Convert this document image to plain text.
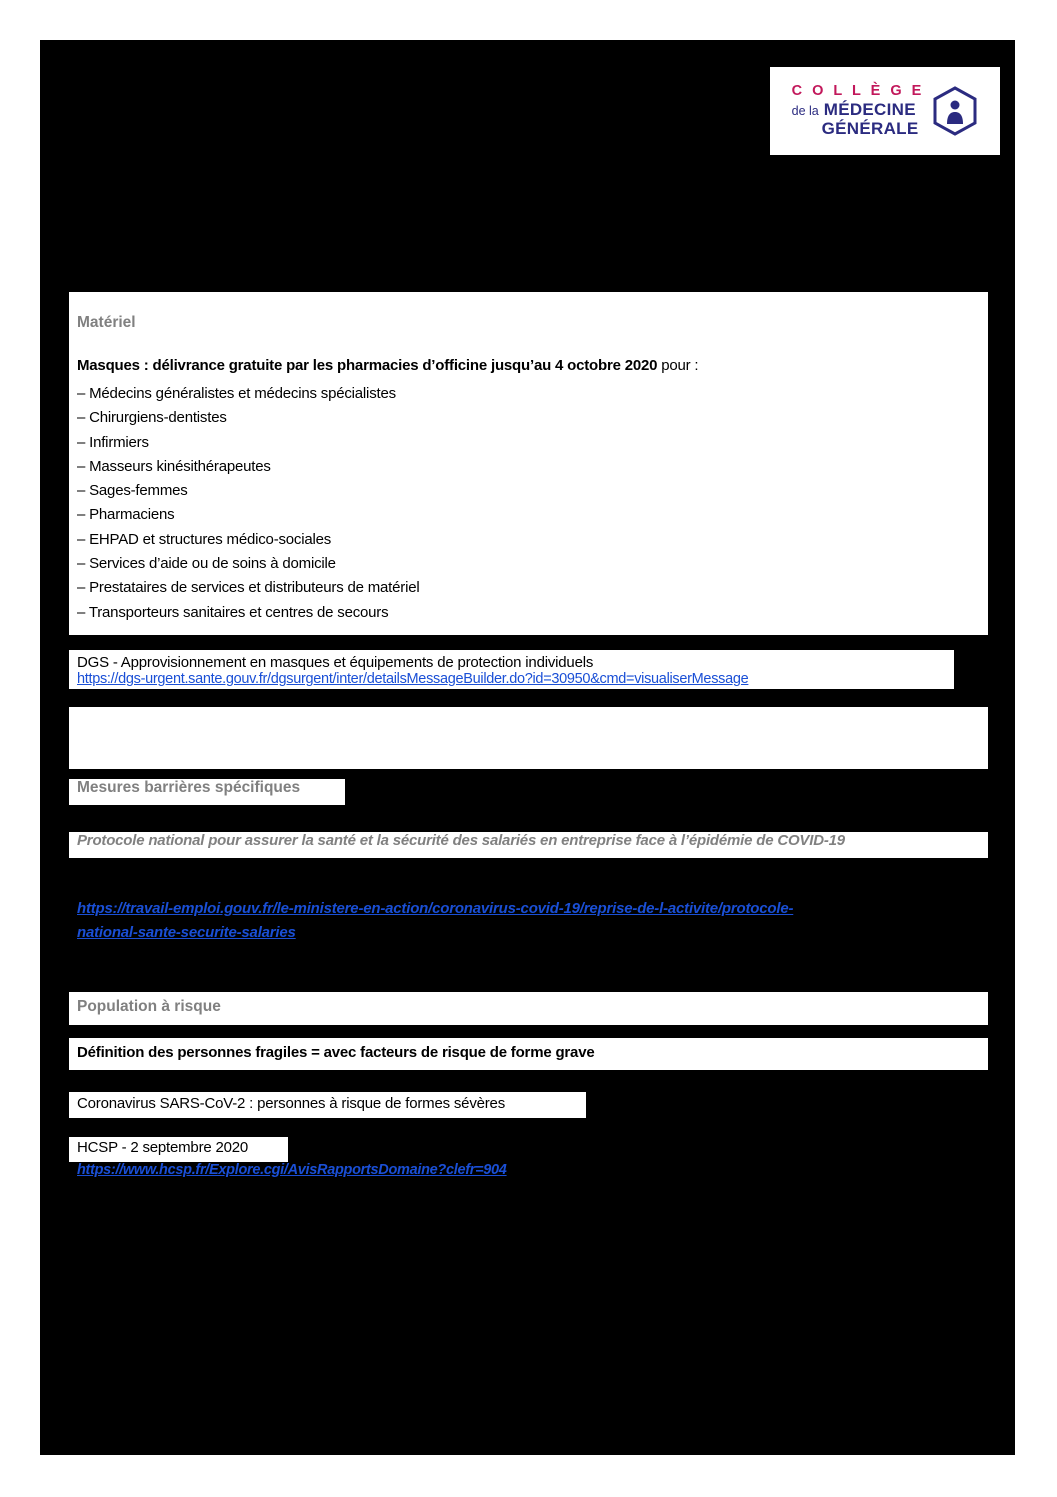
C O L L È G E
de la MÉDECINE
GÉNÉRALE
Matériel
Masques : délivrance gratuite par les pharmacies d’officine jusqu’au 4 octobre 2020 pour :
– Médecins généralistes et médecins spécialistes
– Chirurgiens-dentistes
– Infirmiers
– Masseurs kinésithérapeutes
– Sages-femmes
– Pharmaciens
– EHPAD et structures médico-sociales
– Services d’aide ou de soins à domicile
– Prestataires de services et distributeurs de matériel
– Transporteurs sanitaires et centres de secours
DGS - Approvisionnement en masques et équipements de protection individuels
https://dgs-urgent.sante.gouv.fr/dgsurgent/inter/detailsMessageBuilder.do?id=30950&cmd=visualiserMessage
Mesures barrières spécifiques
Protocole national pour assurer la santé et la sécurité des salariés en entreprise face à l’épidémie de COVID-19
https://travail-emploi.gouv.fr/le-ministere-en-action/coronavirus-covid-19/reprise-de-l-activite/protocole-
national-sante-securite-salaries
Population à risque
Définition des personnes fragiles = avec facteurs de risque de forme grave
Coronavirus SARS-CoV-2 : personnes à risque de formes sévères
HCSP - 2 septembre 2020
https://www.hcsp.fr/Explore.cgi/AvisRapportsDomaine?clefr=904
